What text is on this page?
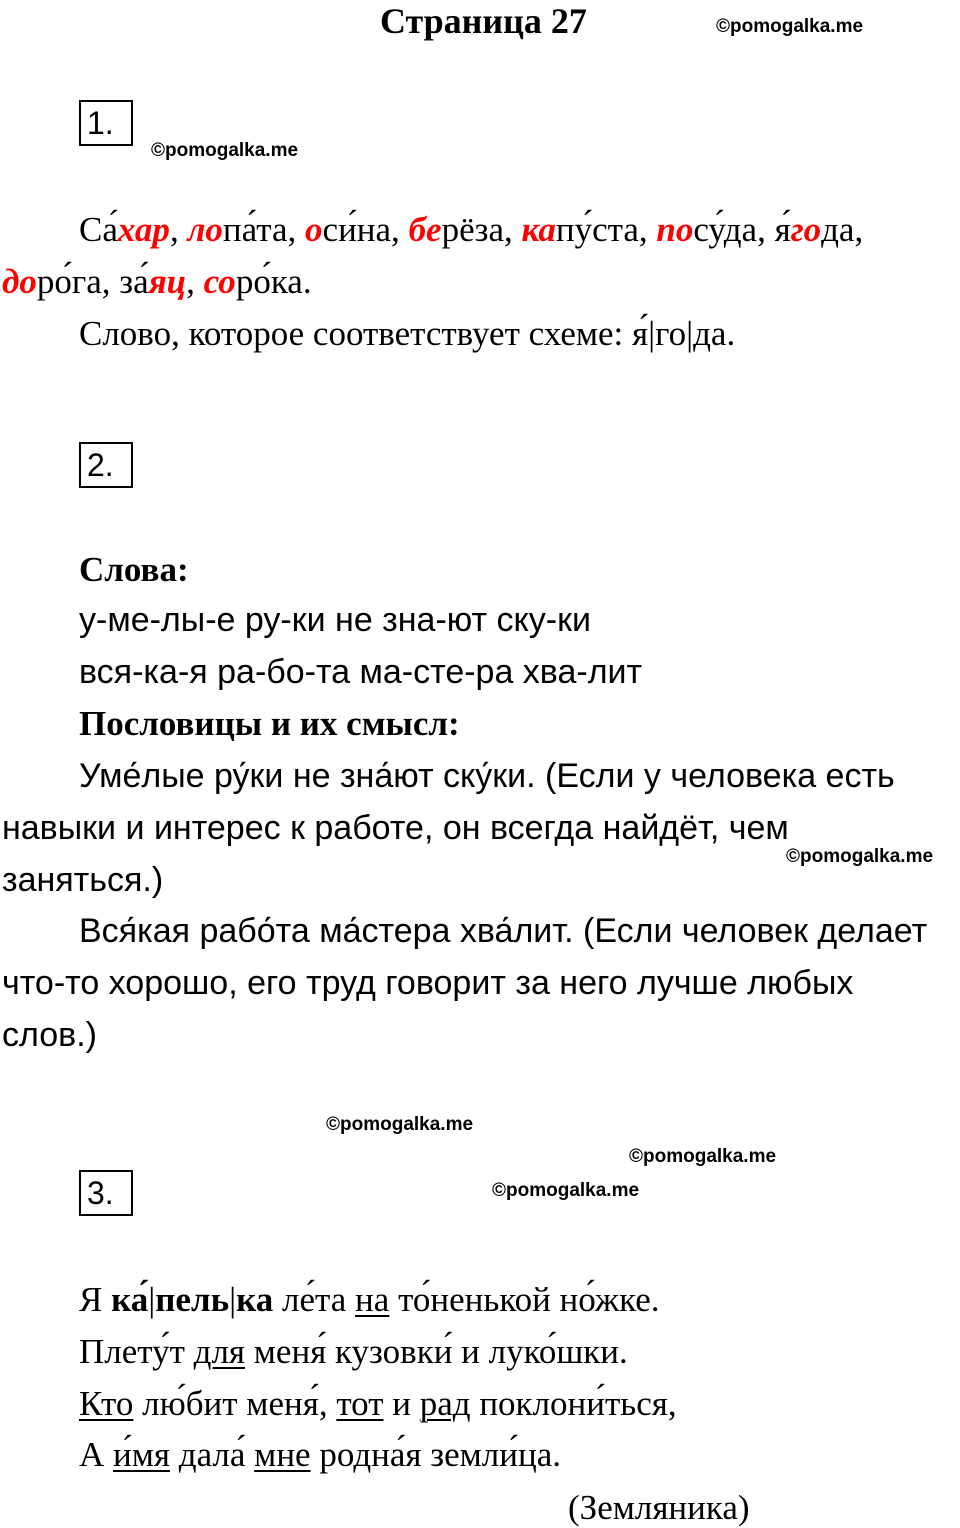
Страница 27	©pomogalka.me
1.
©pomogalka.me
Са́хар, лопа́та, оси́на, берёза, капу́ста, посу́да, я́года,
доро́га, за́яц, соро́ка.
Слово, которое соответствует схеме: я́|го|да.
2.
Слова:
у-ме-лы-е ру-ки не зна-ют ску-ки
вся-ка-я ра-бо-та ма-сте-ра хва-лит
Пословицы и их смысл:
Уме́лые ру́ки не зна́ют ску́ки. (Если у человека есть
навыки и интерес к работе, он всегда найдёт, чем
заняться.)
©pomogalka.me
Вся́кая рабо́та ма́стера хва́лит. (Если человек делает
что-то хорошо, его труд говорит за него лучше любых
слов.)
©pomogalka.me
©pomogalka.me
©pomogalka.me
3.
Я ка́|пель|ка ле́та на то́ненькой но́жке.
Плету́т для меня́ кузовки́ и луко́шки.
Кто лю́бит меня́, тот и рад поклони́ться,
А и́мя дала́ мне родна́я земли́ца.
(Земляника)
